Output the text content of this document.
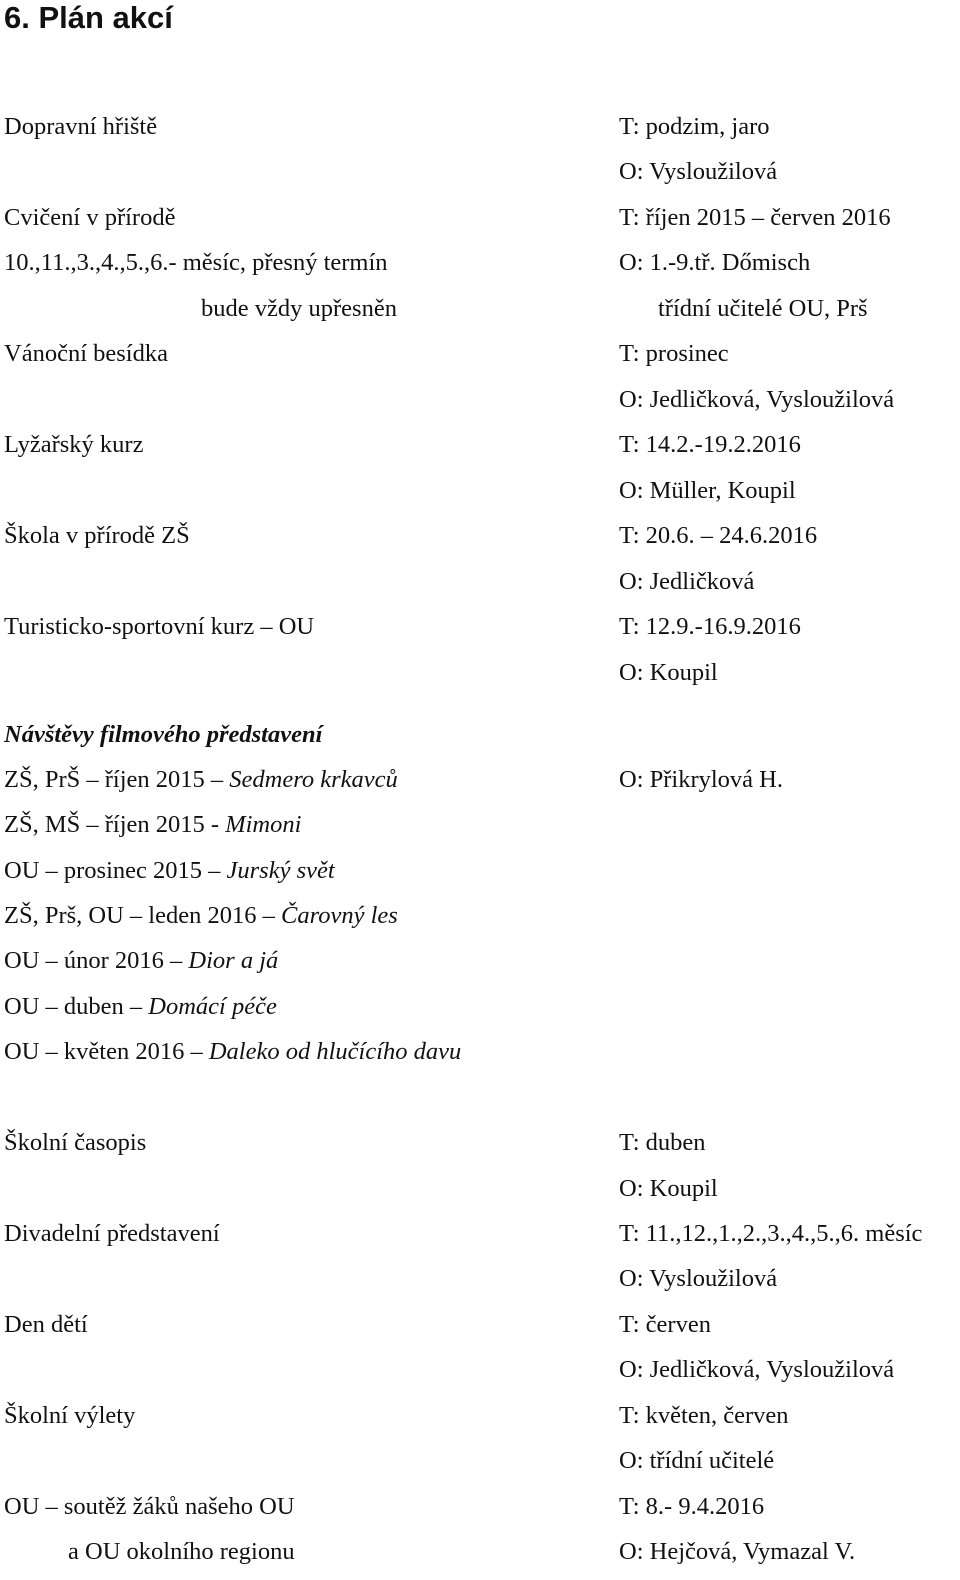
6. Plán akcí
Dopravní hřiště	T: podzim, jaro
O: Vysloužilová
Cvičení v přírodě	T: říjen 2015 – červen 2016
10.,11.,3.,4.,5.,6.- měsíc, přesný termín	O: 1.-9.tř. Dőmisch
bude vždy upřesněn	třídní učitelé OU, Prš
Vánoční besídka	T: prosinec
O: Jedličková, Vysloužilová
Lyžařský kurz	T: 14.2.-19.2.2016
O: Müller, Koupil
Škola v přírodě ZŠ	T: 20.6. – 24.6.2016
O: Jedličková
Turisticko-sportovní kurz – OU	T: 12.9.-16.9.2016
O: Koupil
Návštěvy filmového představení
ZŠ, PrŠ – říjen 2015 – Sedmero krkavců	O: Přikrylová H.
ZŠ, MŠ – říjen 2015 - Mimoni
OU – prosinec 2015 – Jurský svět
ZŠ, Prš, OU – leden 2016 – Čarovný les
OU – únor 2016 – Dior a já
OU – duben – Domácí péče
OU – květen 2016 – Daleko od hlučícího davu
Školní časopis	T: duben
O: Koupil
Divadelní představení	T: 11.,12.,1.,2.,3.,4.,5.,6. měsíc
O: Vysloužilová
Den dětí	T: červen
O: Jedličková, Vysloužilová
Školní výlety	T: květen, červen
O: třídní učitelé
OU – soutěž žáků našeho OU	T: 8.- 9.4.2016
a OU okolního regionu	O: Hejčová, Vymazal V.
